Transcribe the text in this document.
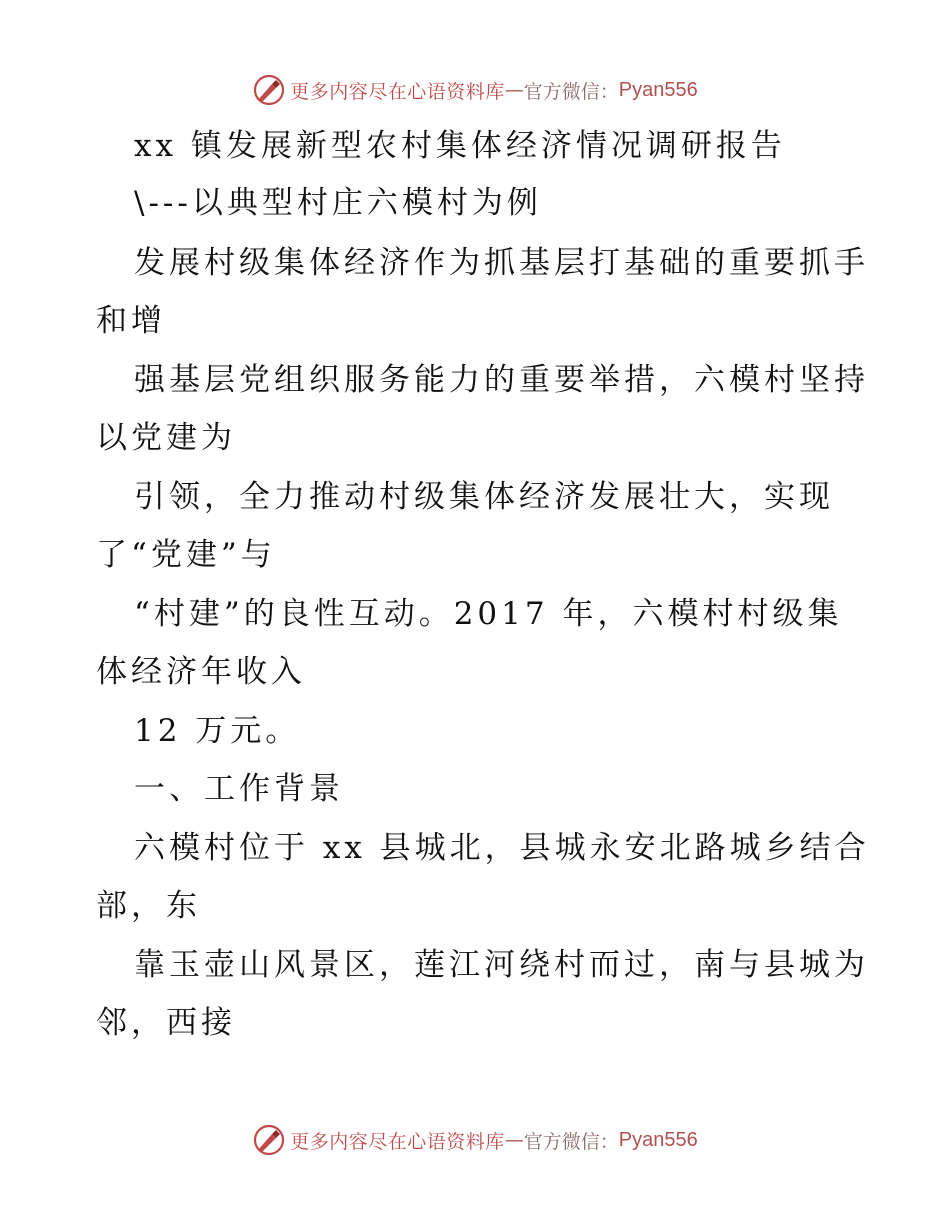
更多内容尽在心语资料库 — 官方微信： Pyan556
xx 镇发展新型农村集体经济情况调研报告
\---以典型村庄六模村为例
发展村级集体经济作为抓基层打基础的重要抓手
和增
强基层党组织服务能力的重要举措，六模村坚持
以党建为
引领，全力推动村级集体经济发展壮大，实现
了“党建”与
“村建”的良性互动。2017 年，六模村村级集
体经济年收入
12 万元。
一、工作背景
六模村位于 xx 县城北，县城永安北路城乡结合
部，东
靠玉壶山风景区，莲江河绕村而过，南与县城为
邻，西接
更多内容尽在心语资料库 — 官方微信： Pyan556
